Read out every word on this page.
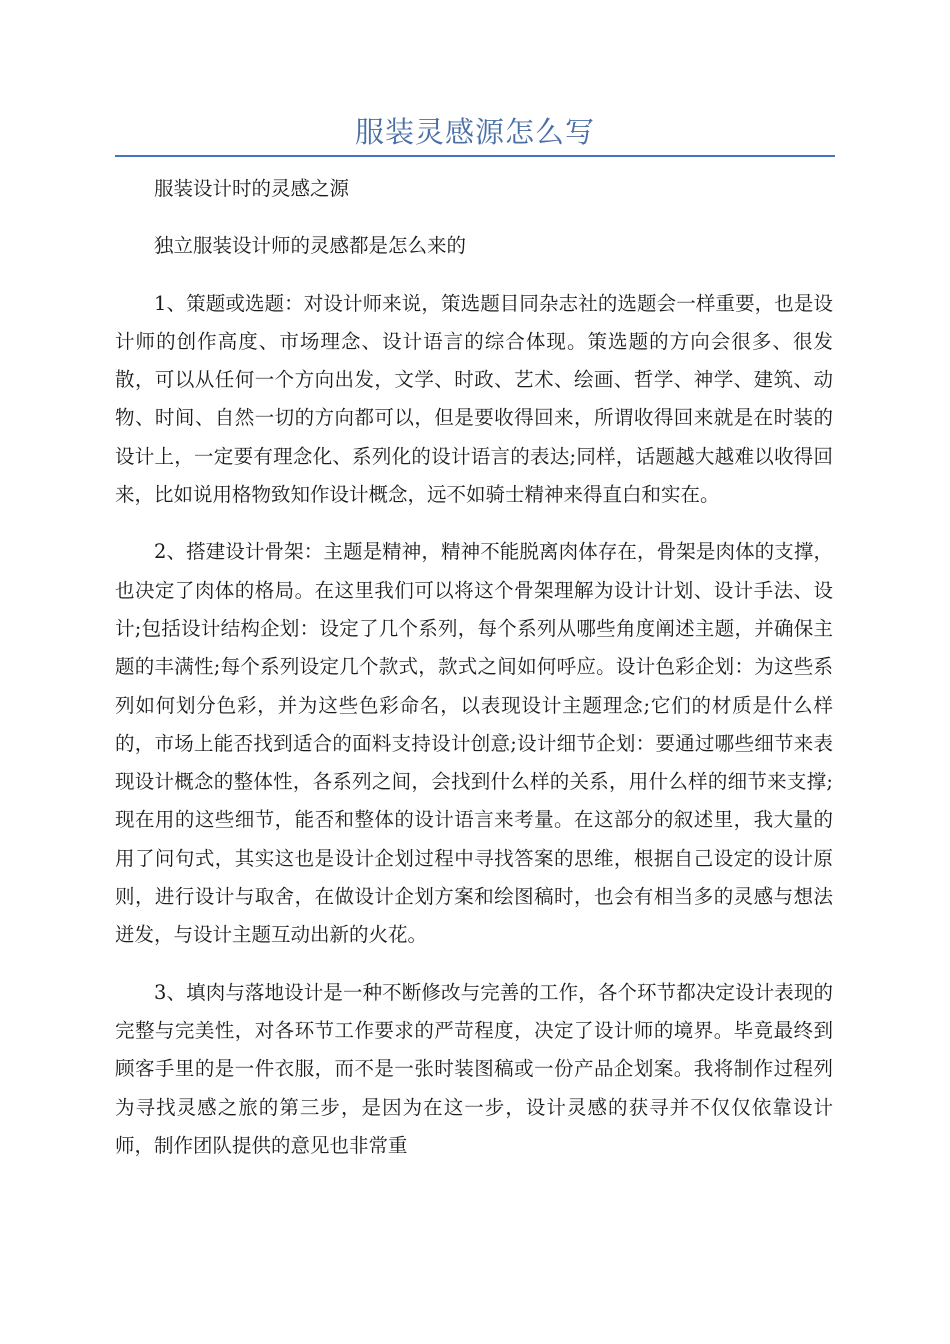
服装灵感源怎么写

服装设计时的灵感之源

独立服装设计师的灵感都是怎么来的

1、策题或选题：对设计师来说，策选题目同杂志社的选题会一样重要，也是设计师的创作高度、市场理念、设计语言的综合体现。策选题的方向会很多、很发散，可以从任何一个方向出发，文学、时政、艺术、绘画、哲学、神学、建筑、动物、时间、自然一切的方向都可以，但是要收得回来，所谓收得回来就是在时装的设计上，一定要有理念化、系列化的设计语言的表达;同样，话题越大越难以收得回来，比如说用格物致知作设计概念，远不如骑士精神来得直白和实在。

2、搭建设计骨架：主题是精神，精神不能脱离肉体存在，骨架是肉体的支撑，也决定了肉体的格局。在这里我们可以将这个骨架理解为设计计划、设计手法、设计;包括设计结构企划：设定了几个系列，每个系列从哪些角度阐述主题，并确保主题的丰满性;每个系列设定几个款式，款式之间如何呼应。设计色彩企划：为这些系列如何划分色彩，并为这些色彩命名，以表现设计主题理念;它们的材质是什么样的，市场上能否找到适合的面料支持设计创意;设计细节企划：要通过哪些细节来表现设计概念的整体性，各系列之间，会找到什么样的关系，用什么样的细节来支撑;现在用的这些细节，能否和整体的设计语言来考量。在这部分的叙述里，我大量的用了问句式，其实这也是设计企划过程中寻找答案的思维，根据自己设定的设计原则，进行设计与取舍，在做设计企划方案和绘图稿时，也会有相当多的灵感与想法迸发，与设计主题互动出新的火花。

3、填肉与落地设计是一种不断修改与完善的工作，各个环节都决定设计表现的完整与完美性，对各环节工作要求的严苛程度，决定了设计师的境界。毕竟最终到顾客手里的是一件衣服，而不是一张时装图稿或一份产品企划案。我将制作过程列为寻找灵感之旅的第三步，是因为在这一步，设计灵感的获寻并不仅仅依靠设计师，制作团队提供的意见也非常重
